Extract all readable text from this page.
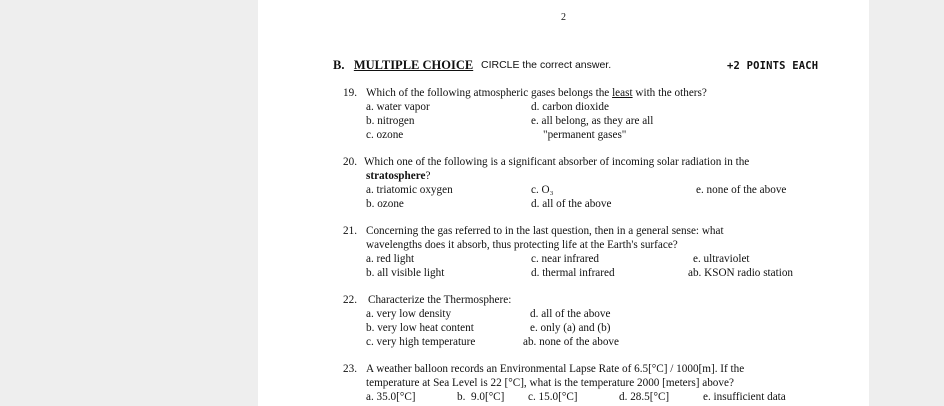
2
B. MULTIPLE CHOICE CIRCLE the correct answer.	+2 POINTS EACH
19. Which of the following atmospheric gases belongs the least with the others?
a. water vapor
b. nitrogen
c. ozone
d. carbon dioxide
e. all belong, as they are all
"permanent gases"
20. Which one of the following is a significant absorber of incoming solar radiation in the
stratosphere?
a. triatomic oxygen
b. ozone
c. O₃
d. all of the above
e. none of the above
21. Concerning the gas referred to in the last question, then in a general sense: what
wavelengths does it absorb, thus protecting life at the Earth's surface?
a. red light
b. all visible light
c. near infrared
d. thermal infrared
e. ultraviolet
ab. KSON radio station
22. Characterize the Thermosphere:
a. very low density
b. very low heat content
c. very high temperature
d. all of the above
e. only (a) and (b)
ab. none of the above
23. A weather balloon records an Environmental Lapse Rate of 6.5[°C] / 1000[m]. If the
temperature at Sea Level is 22 [°C], what is the temperature 2000 [meters] above?
a. 35.0[°C]	b.  9.0[°C] c. 15.0[°C]	d. 28.5[°C]	e. insufficient data
